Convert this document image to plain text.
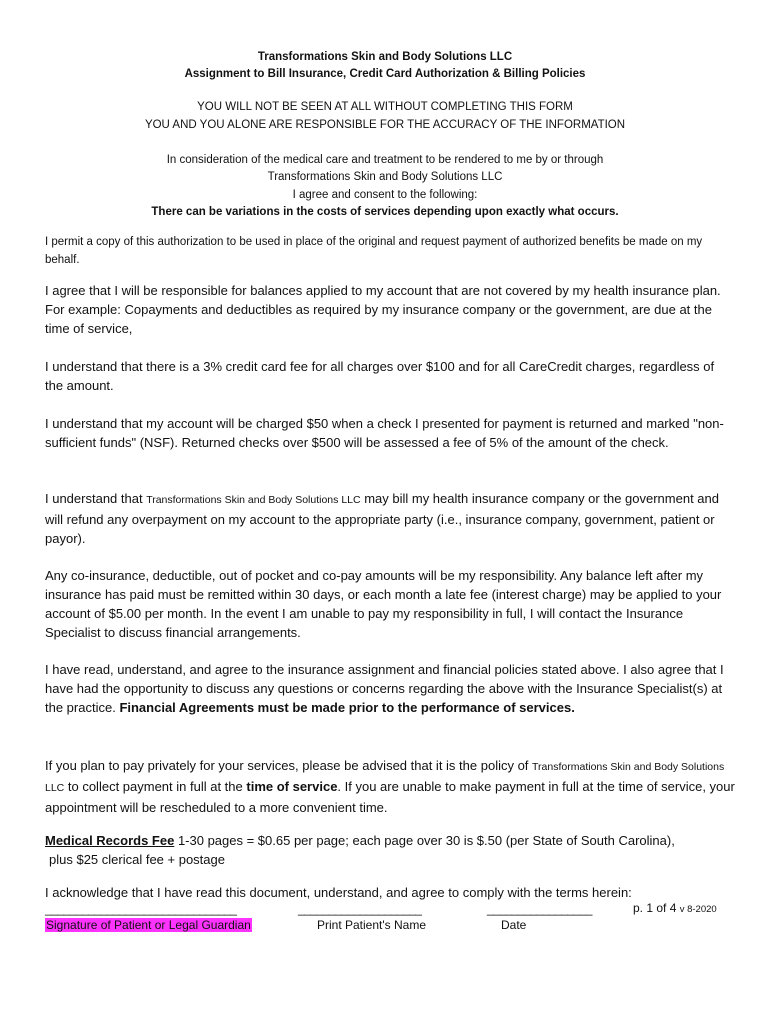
Transformations Skin and Body Solutions LLC
Assignment to Bill Insurance, Credit Card Authorization & Billing Policies
YOU WILL NOT BE SEEN AT ALL WITHOUT COMPLETING THIS FORM
YOU AND YOU ALONE ARE RESPONSIBLE FOR THE ACCURACY OF THE INFORMATION
In consideration of the medical care and treatment to be rendered to me by or through
Transformations Skin and Body Solutions LLC
I agree and consent to the following:
There can be variations in the costs of services depending upon exactly what occurs.
I permit a copy of this authorization to be used in place of the original and request payment of authorized benefits be made on my behalf.
I agree that I will be responsible for balances applied to my account that are not covered by my health insurance plan. For example: Copayments and deductibles as required by my insurance company or the government, are due at the time of service,
I understand that there is a 3% credit card fee for all charges over $100 and for all CareCredit charges, regardless of the amount.
I understand that my account will be charged $50 when a check I presented for payment is returned and marked "non-sufficient funds" (NSF). Returned checks over $500 will be assessed a fee of 5% of the amount of the check.
I understand that Transformations Skin and Body Solutions LLC may bill my health insurance company or the government and will refund any overpayment on my account to the appropriate party (i.e., insurance company, government, patient or payor).
Any co-insurance, deductible, out of pocket and co-pay amounts will be my responsibility. Any balance left after my insurance has paid must be remitted within 30 days, or each month a late fee (interest charge) may be applied to your account of $5.00 per month. In the event I am unable to pay my responsibility in full, I will contact the Insurance Specialist to discuss financial arrangements.
I have read, understand, and agree to the insurance assignment and financial policies stated above. I also agree that I have had the opportunity to discuss any questions or concerns regarding the above with the Insurance Specialist(s) at the practice. Financial Agreements must be made prior to the performance of services.
If you plan to pay privately for your services, please be advised that it is the policy of Transformations Skin and Body Solutions LLC to collect payment in full at the time of service. If you are unable to make payment in full at the time of service, your appointment will be rescheduled to a more convenient time.
Medical Records Fee 1-30 pages = $0.65 per page; each page over 30 is $.50 (per State of South Carolina),
plus $25 clerical fee + postage
I acknowledge that I have read this document, understand, and agree to comply with the terms herein:
_______________________________	____________________	_________________	p. 1 of 4 v 8-2020
Signature of Patient or Legal Guardian	Print Patient's Name	Date
